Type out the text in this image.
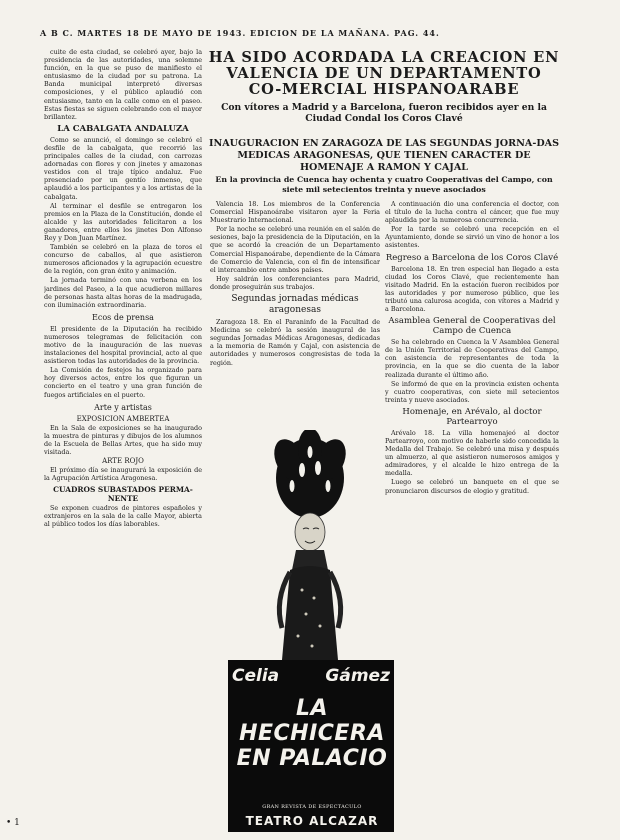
A B C. MARTES 18 DE MAYO DE 1943. EDICION DE LA MAÑANA. PAG. 44.

cuite de esta ciudad, se celebró ayer, bajo la presidencia de las autoridades, una solemne función, en la que se puso de manifiesto el entusiasmo de la ciudad por su patrona. La Banda municipal interpretó diversas composiciones, y el público aplaudió con entusiasmo, tanto en la calle como en el paseo. Estas fiestas se siguen celebrando con el mayor brillantez.

LA CABALGATA ANDALUZA

Como se anunció, el domingo se celebró el desfile de la cabalgata, que recorrió las principales calles de la ciudad, con carrozas adornadas con flores y con jinetes y amazonas vestidos con el traje típico andaluz. Fue presenciado por un gentío inmenso, que aplaudió a los participantes y a los artistas de la cabalgata.

Al terminar el desfile se entregaron los premios en la Plaza de la Constitución, donde el alcalde y las autoridades felicitaron a los ganadores, entre ellos los jinetes Don Alfonso Rey y Don Juan Martínez.

También se celebró en la plaza de toros el concurso de caballos, al que asistieron numerosos aficionados y la agrupación ecuestre de la región, con gran éxito y animación.

La jornada terminó con una verbena en los jardines del Paseo, a la que acudieron millares de personas hasta altas horas de la madrugada, con iluminación extraordinaria.

Ecos de prensa

El presidente de la Diputación ha recibido numerosos telegramas de felicitación con motivo de la inauguración de las nuevas instalaciones del hospital provincial, acto al que asistieron todas las autoridades de la provincia.

La Comisión de festejos ha organizado para hoy diversos actos, entre los que figuran un concierto en el teatro y una gran función de fuegos artificiales en el puerto.

Arte y artistas
EXPOSICION AMBERTEA

En la Sala de exposiciones se ha inaugurado la muestra de pinturas y dibujos de los alumnos de la Escuela de Bellas Artes, que ha sido muy visitada.

ARTE ROJO

El próximo día se inaugurará la exposición de la Agrupación Artística Aragonesa.

CUADROS SUBASTADOS PERMA-NENTE

Se exponen cuadros de pintores españoles y extranjeros en la sala de la calle Mayor, abierta al público todos los días laborables.

HA SIDO ACORDADA LA CREACION EN VALENCIA DE UN DEPARTAMENTO CO-MERCIAL HISPANOARABE
Con vítores a Madrid y a Barcelona, fueron recibidos ayer en la Ciudad Condal los Coros Clavé
INAUGURACION EN ZARAGOZA DE LAS SEGUNDAS JORNA-DAS MEDICAS ARAGONESAS, QUE TIENEN CARACTER DE HOMENAJE A RAMON Y CAJAL
En la provincia de Cuenca hay ochenta y cuatro Cooperativas del Campo, con siete mil setecientos treinta y nueve asociados

Valencia 18. Los miembros de la Conferencia Comercial Hispanoárabe visitaron ayer la Feria Muestrario Internacional.

Por la noche se celebró una reunión en el salón de sesiones, bajo la presidencia de la Diputación, en la que se acordó la creación de un Departamento Comercial Hispanoárabe, dependiente de la Cámara de Comercio de Valencia, con el fin de intensificar el intercambio entre ambos países.

Hoy saldrán los conferenciantes para Madrid, donde proseguirán sus trabajos.

Segundas jornadas médicas aragonesas

Zaragoza 18. En el Paraninfo de la Facultad de Medicina se celebró la sesión inaugural de las segundas Jornadas Médicas Aragonesas, dedicadas a la memoria de Ramón y Cajal, con asistencia de autoridades y numerosos congresistas de toda la región.

A continuación dio una conferencia el doctor, con el título de la lucha contra el cáncer, que fue muy aplaudida por la numerosa concurrencia.

Por la tarde se celebró una recepción en el Ayuntamiento, donde se sirvió un vino de honor a los asistentes.

Regreso a Barcelona de los Coros Clavé

Barcelona 18. En tren especial han llegado a esta ciudad los Coros Clavé, que recientemente han visitado Madrid. En la estación fueron recibidos por las autoridades y por numeroso público, que les tributó una calurosa acogida, con vítores a Madrid y a Barcelona.

Asamblea General de Cooperativas del Campo de Cuenca

Se ha celebrado en Cuenca la V Asamblea General de la Unión Territorial de Cooperativas del Campo, con asistencia de representantes de toda la provincia, en la que se dio cuenta de la labor realizada durante el último año.

Se informó de que en la provincia existen ochenta y cuatro cooperativas, con siete mil setecientos treinta y nueve asociados.

Homenaje, en Arévalo, al doctor Partearroyo

Arévalo 18. La villa homenajeó al doctor Partearroyo, con motivo de haberle sido concedida la Medalla del Trabajo. Se celebró una misa y después un almuerzo, al que asistieron numerosos amigos y admiradores, y el alcalde le hizo entrega de la medalla.

Luego se celebró un banquete en el que se pronunciaron discursos de elogio y gratitud.

Celia	Gámez
LA HECHICERA EN PALACIO
GRAN REVISTA DE ESPECTACULO
TEATRO ALCAZAR
• 1
